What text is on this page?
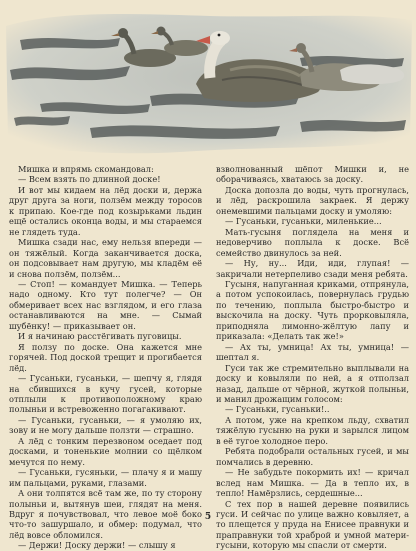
Мишка и впрямь скомандовал:

— Всем взять по длинной доске!

И вот мы кидаем на лёд доски и, держа друг друга за ноги, ползём между торосов к припаю. Кое-где под козырьками льдин ещё остались оконца воды, и мы стараемся не глядеть туда.

Мишка сзади нас, ему нельзя впереди — он тяжёлый. Когда заканчивается доска, он подсовывает нам другую, мы кладём её и снова ползём, ползём...

— Стоп! — командует Мишка. — Теперь надо одному. Кто тут полегче? — Он обмеривает всех нас взглядом, и его глаза останавливаются на мне. — Сымай шубёнку! — приказывает он.

И я начинаю расстёгивать пуговицы.

Я ползу по доске. Она кажется мне горячей. Под доской трещит и прогибается лёд.

— Гусаньки, гусаньки, — шепчу я, глядя на сбившихся в кучу гусей, которые отплыли к противоположному краю полыньи и встревоженно погагакивают.

— Гусаньки, гусаньки, — я умоляю их, зову и не могу дальше ползти — страшно.

А лёд с тонким перезвоном оседает под досками, и тоненькие молнии со щёлком мечутся по нему.

— Гусаньки, гусяньки, — плачу я и машу им пальцами, руками, глазами.

А они толпятся всё там же, по ту сторону полыньи и, вытянув шеи, глядят на меня. Вдруг я почувствовал, что левое моё боко что-то зашуршало, и обмер: подумал, что лёд вовсе обломился.

— Держи! Доску держи! — слышу я

взволнованный шёпот Мишки и, не оборачиваясь, хватаюсь за доску.

Доска допозла до воды, чуть прогнулась, и лёд, раскрошила закраек. Я держу онемевшими пальцами доску и умоляю:

— Гусаньки, гусаньки, миленькие...

Мать-гусыня поглядела на меня и недоверчиво поплыла к доске. Всё семейство двинулось за ней.

— Ну, ну... Иди, иди, глупая! — закричали нетерпеливо сзади меня ребята.

Гусыня, напуганная криками, отпрянула, а потом успокоилась, повернулась грудью по течению, поплыла быстро-быстро и выскочила на доску. Чуть прорковыляла, приподняла лимонно-жёлтую лапу и приказала: «Делать так же!»

— Ах ты, умница! Ах ты, умница! — шептал я.

Гуси так же стремительно выплывали на доску и ковыляли по ней, а я отползал назад, дальше от чёрной, жуткой полыньи, и манил дрожащим голосом:

— Гусаньки, гусаньки!..

А потом, уже на крепком льду, схватил тяжёлую гусыню на руки и зарылся лицом в её тугое холодное перо.

Ребята подобрали остальных гусей, и мы помчались в деревню.

— Не забудьте покормить их! — кричал вслед нам Мишка. — Да в тепло их, в тепло! Намёрзлись, сердешные...

С тех пор в нашей деревне появились гуси. И сейчас по улице важно ковыляет, а то плещется у пруда на Енисее правнуки и праправнуки той храброй и умной матери-гусыни, которую мы спасли от смерти.

5
